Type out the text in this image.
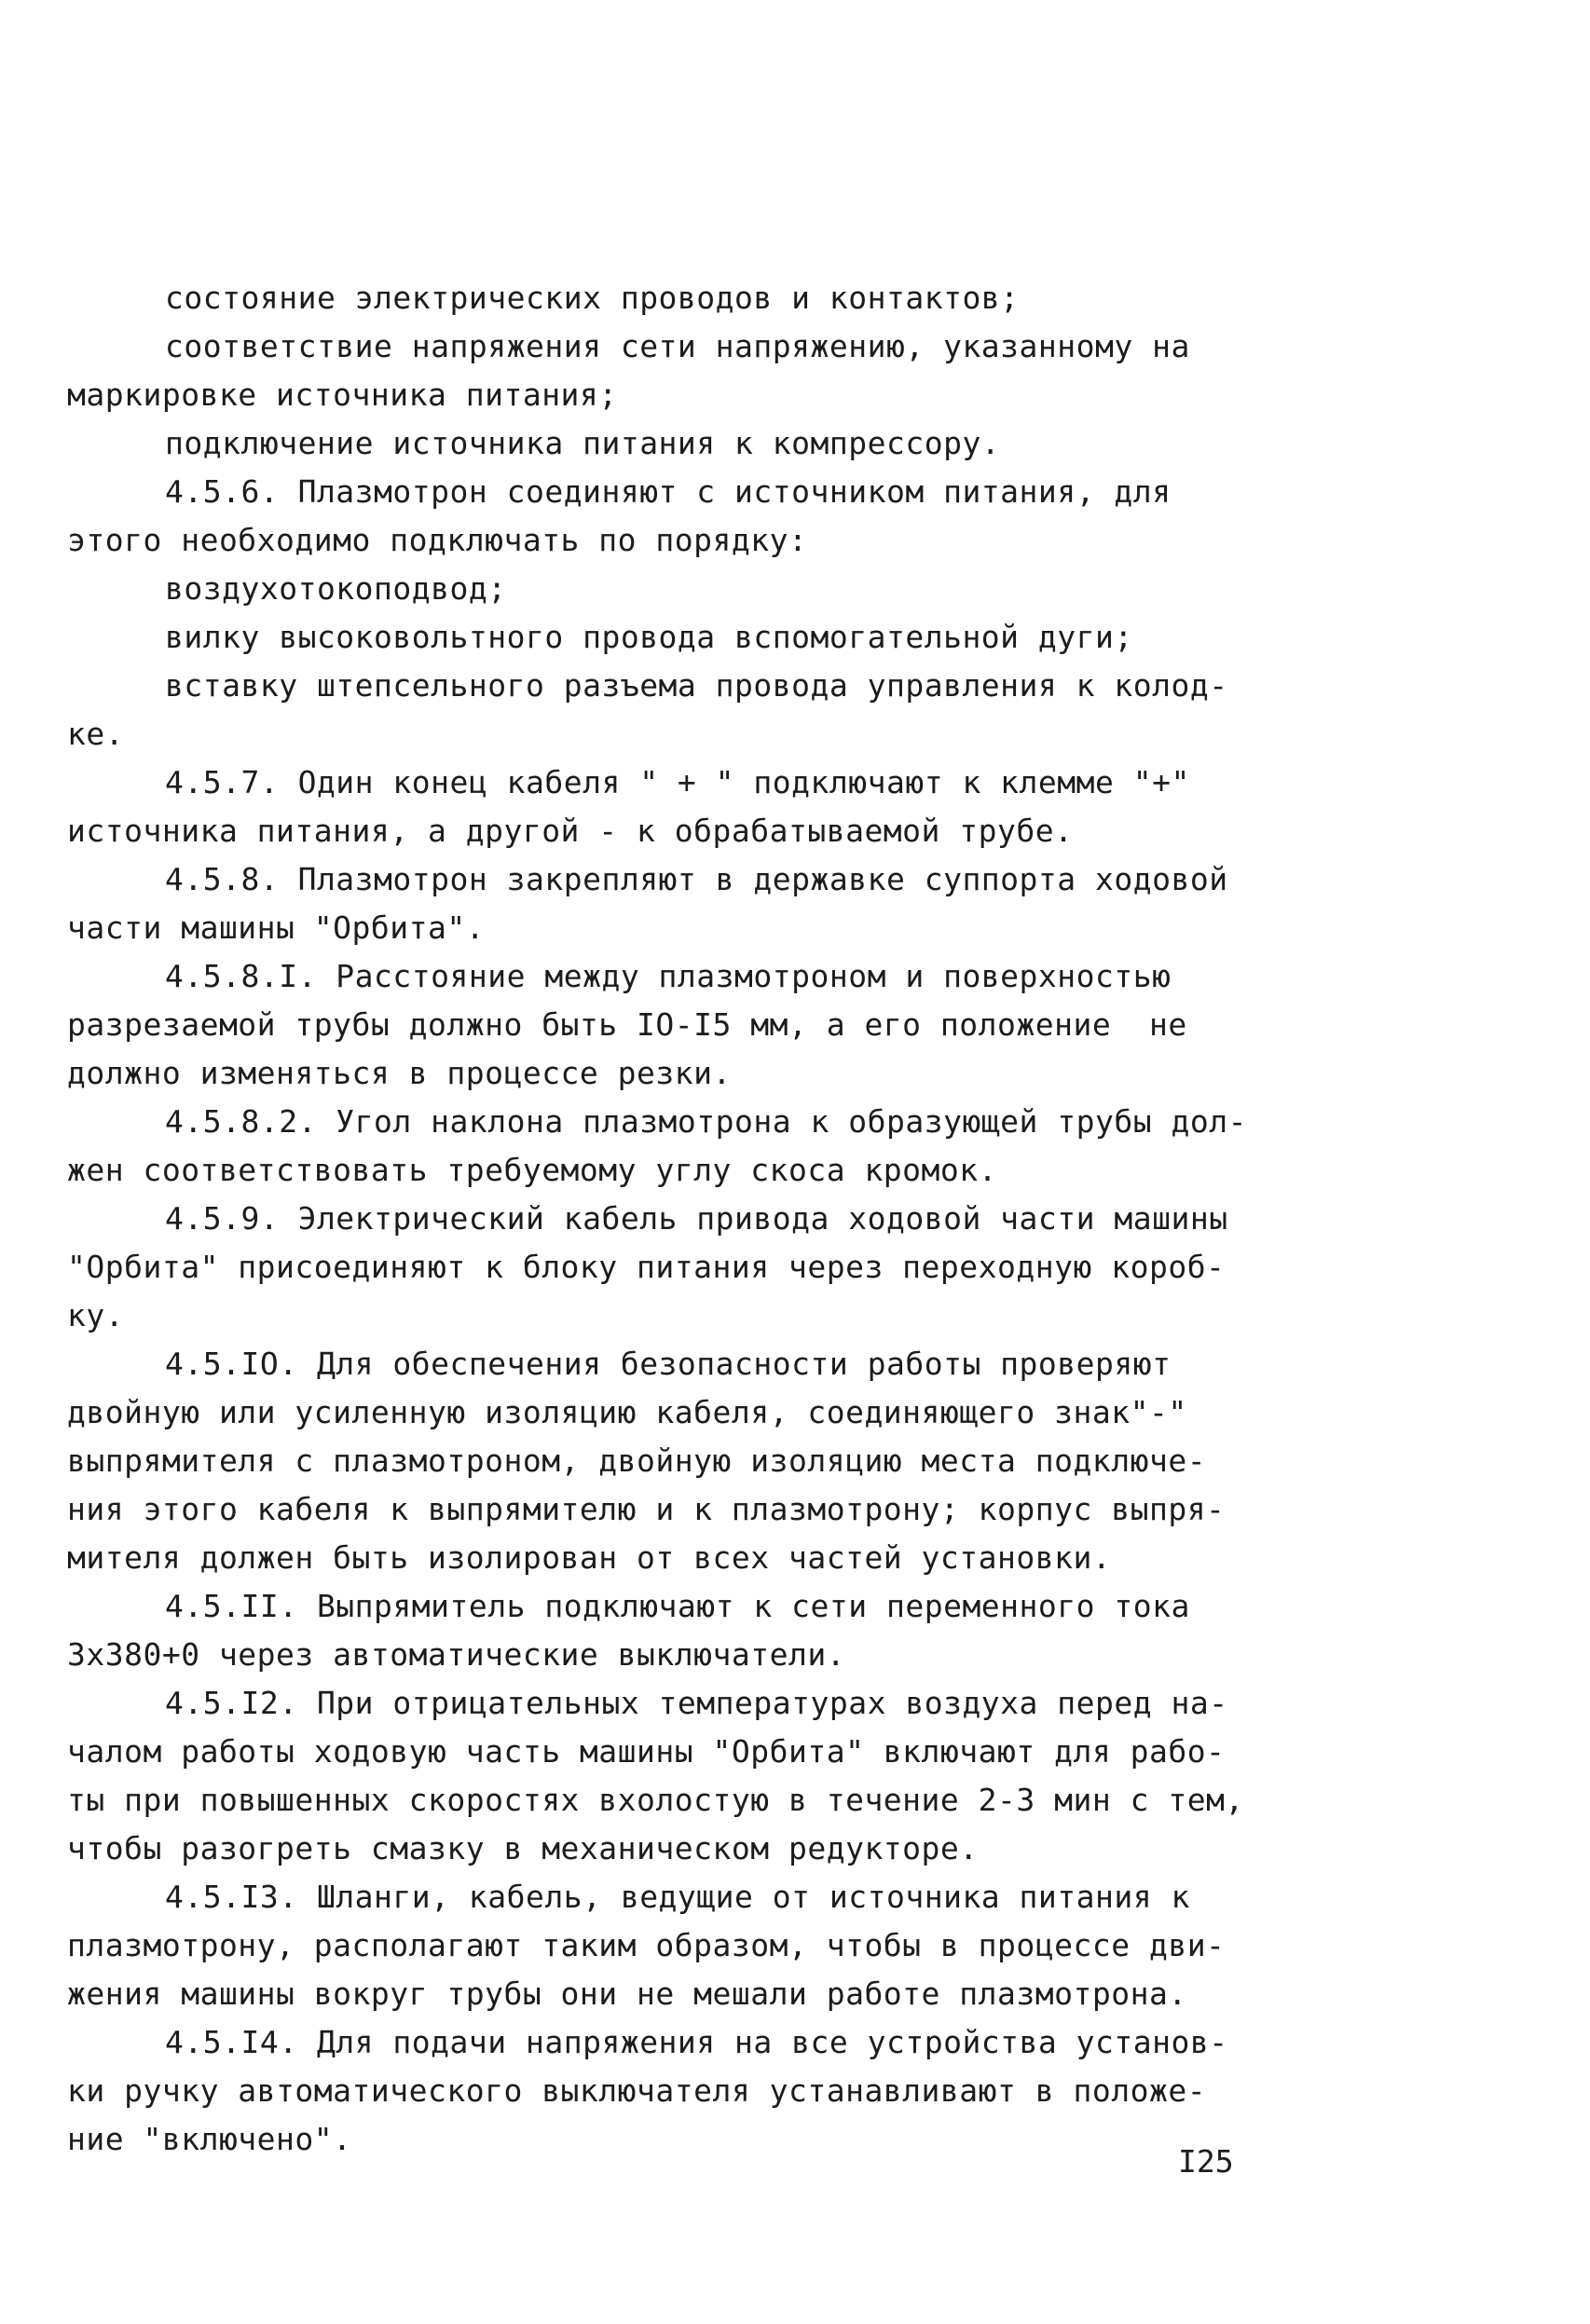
состояние электрических проводов и контактов;
соответствие напряжения сети напряжению, указанному на
маркировке источника питания;
подключение источника питания к компрессору.
4.5.6. Плазмотрон соединяют с источником питания, для
этого необходимо подключать по порядку:
воздухотокоподвод;
вилку высоковольтного провода вспомогательной дуги;
вставку штепсельного разъема провода управления к колод-
ке.
4.5.7. Один конец кабеля " + " подключают к клемме "+"
источника питания, а другой - к обрабатываемой трубе.
4.5.8. Плазмотрон закрепляют в державке суппорта ходовой
части машины "Орбита".
4.5.8.I. Расстояние между плазмотроном и поверхностью
разрезаемой трубы должно быть IO-I5 мм, а его положение  не
должно изменяться в процессе резки.
4.5.8.2. Угол наклона плазмотрона к образующей трубы дол-
жен соответствовать требуемому углу скоса кромок.
4.5.9. Электрический кабель привода ходовой части машины
"Орбита" присоединяют к блоку питания через переходную короб-
ку.
4.5.IO. Для обеспечения безопасности работы проверяют
двойную или усиленную изоляцию кабеля, соединяющего знак"-"
выпрямителя с плазмотроном, двойную изоляцию места подключе-
ния этого кабеля к выпрямителю и к плазмотрону; корпус выпря-
мителя должен быть изолирован от всех частей установки.
4.5.II. Выпрямитель подключают к сети переменного тока
3х380+0 через автоматические выключатели.
4.5.I2. При отрицательных температурах воздуха перед на-
чалом работы ходовую часть машины "Орбита" включают для рабо-
ты при повышенных скоростях вхолостую в течение 2-3 мин с тем,
чтобы разогреть смазку в механическом редукторе.
4.5.I3. Шланги, кабель, ведущие от источника питания к
плазмотрону, располагают таким образом, чтобы в процессе дви-
жения машины вокруг трубы они не мешали работе плазмотрона.
4.5.I4. Для подачи напряжения на все устройства установ-
ки ручку автоматического выключателя устанавливают в положе-
ние "включено".
I25
